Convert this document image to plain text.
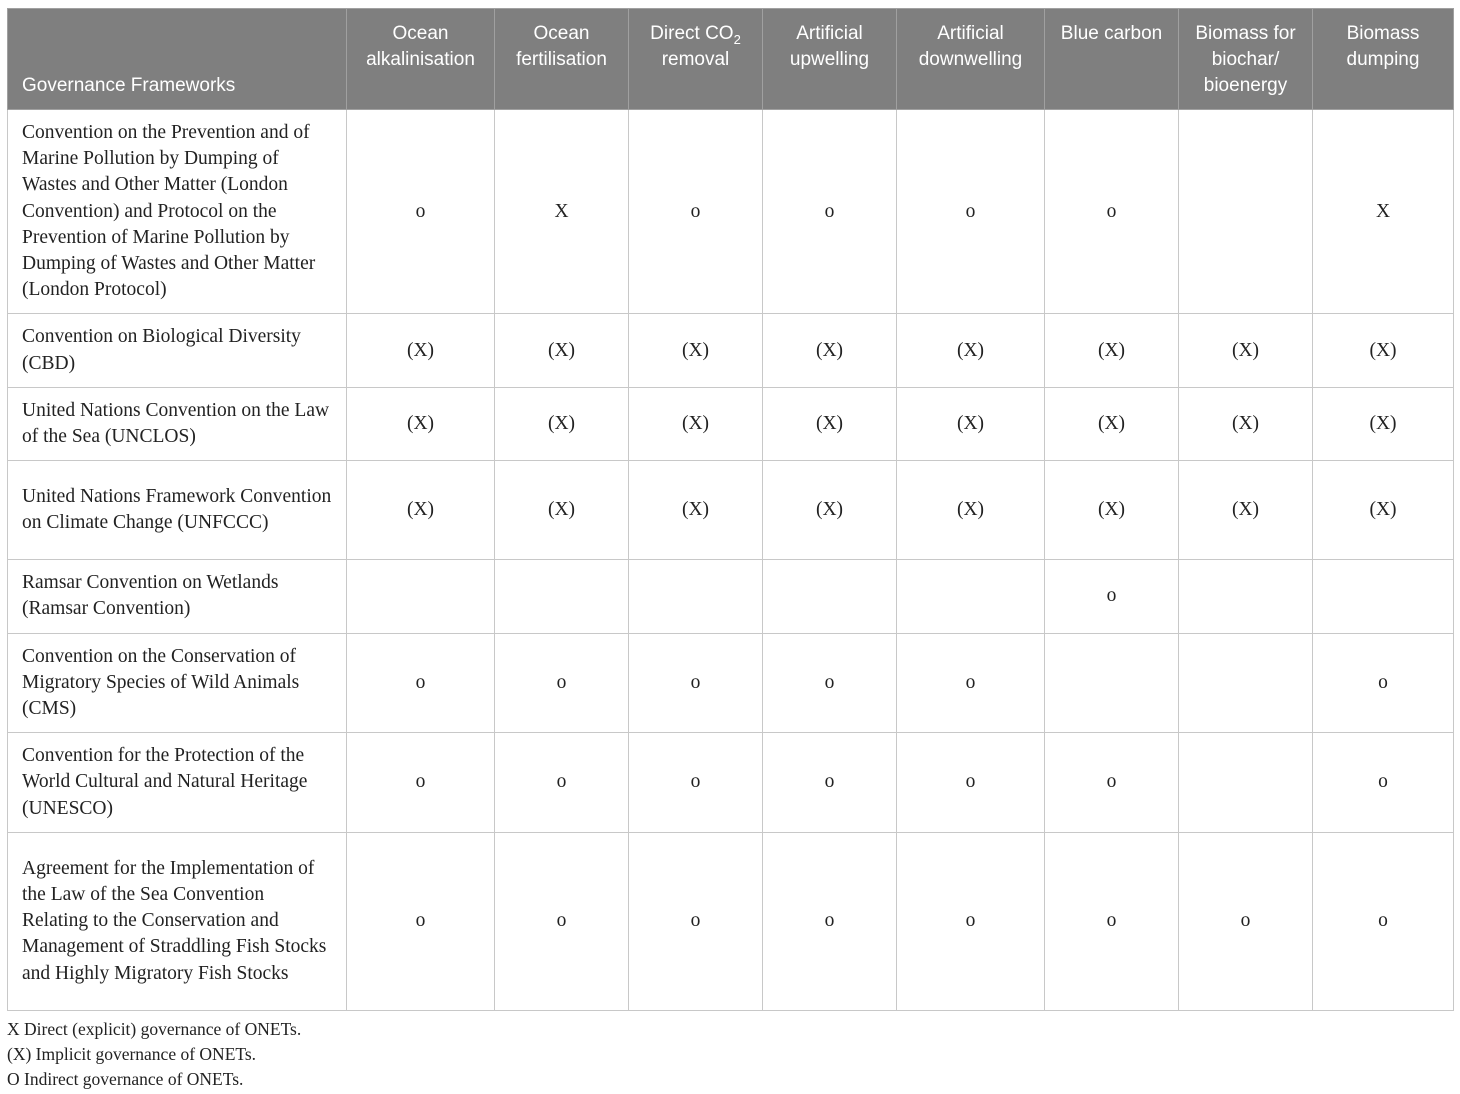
Governance Frameworks	Ocean alkalinisation	Ocean fertilisation	Direct $CO_2$ removal	Artificial upwelling	Artificial downwelling	Blue carbon	Biomass for biochar/ bioenergy	Biomass dumping
Convention on the Prevention and of Marine Pollution by Dumping of Wastes and Other Matter (London Convention) and Protocol on the Prevention of Marine Pollution by Dumping of Wastes and Other Matter (London Protocol)	o	X	o	o	o	o		X
Convention on Biological Diversity (CBD)	(X)	(X)	(X)	(X)	(X)	(X)	(X)	(X)
United Nations Convention on the Law of the Sea (UNCLOS)	(X)	(X)	(X)	(X)	(X)	(X)	(X)	(X)
United Nations Framework Convention on Climate Change (UNFCCC)	(X)	(X)	(X)	(X)	(X)	(X)	(X)	(X)
Ramsar Convention on Wetlands (Ramsar Convention)						o		
Convention on the Conservation of Migratory Species of Wild Animals (CMS)	o	o	o	o	o			o
Convention for the Protection of the World Cultural and Natural Heritage (UNESCO)	o	o	o	o	o	o		o
Agreement for the Implementation of the Law of the Sea Convention Relating to the Conservation and Management of Straddling Fish Stocks and Highly Migratory Fish Stocks	o	o	o	o	o	o	o	o
X Direct (explicit) governance of ONETs.
(X) Implicit governance of ONETs.
O Indirect governance of ONETs.
